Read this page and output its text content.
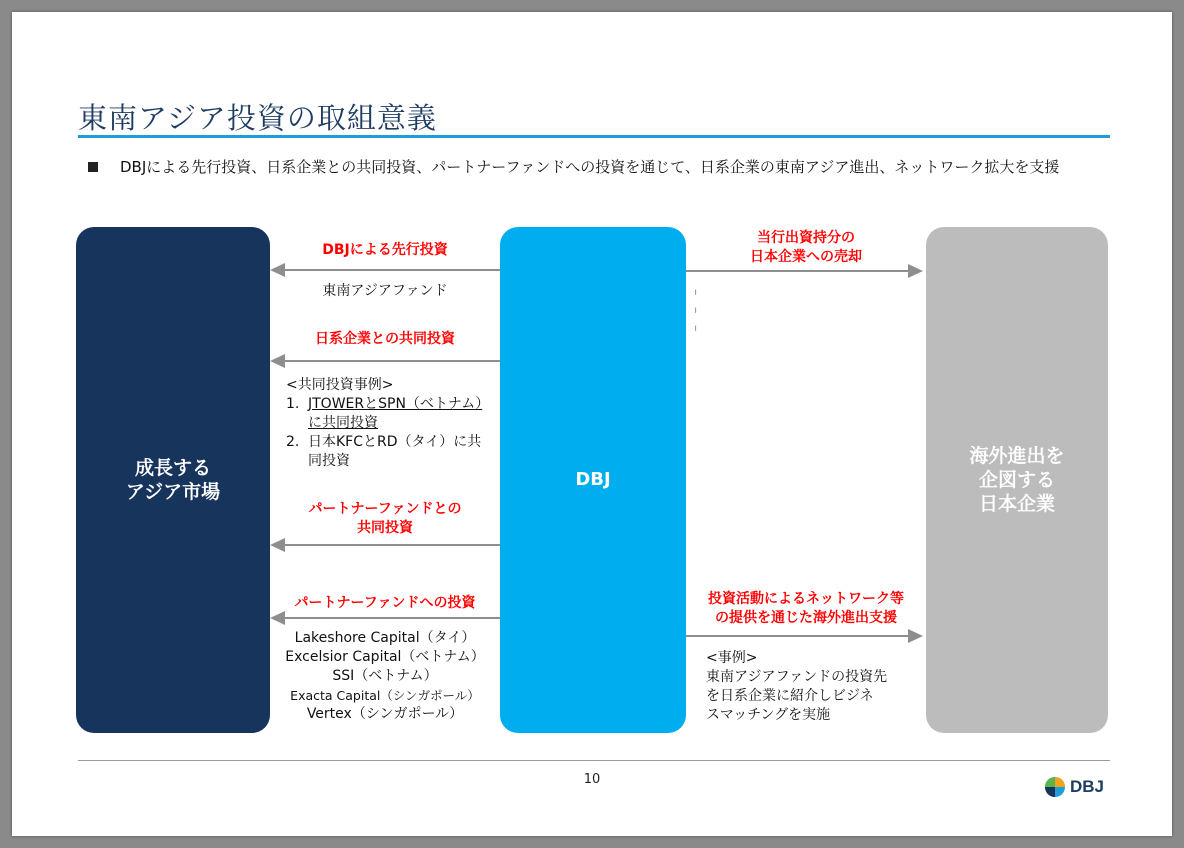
東南アジア投資の取組意義
DBJによる先行投資、日系企業との共同投資、パートナーファンドへの投資を通じて、日系企業の東南アジア進出、ネットワーク拡大を支援
成長する
アジア市場
DBJ
海外進出を
企図する
日本企業
DBJによる先行投資
東南アジアファンド
日系企業との共同投資
<共同投資事例>
1. JTOWERとSPN（ベトナム）に共同投資
2. 日本KFCとRD（タイ）に共同投資
パートナーファンドとの
共同投資
パートナーファンドへの投資
Lakeshore Capital（タイ）
Excelsior Capital（ベトナム）
SSI（ベトナム）
Exacta Capital（シンガポール）
Vertex（シンガポール）
当行出資持分の
日本企業への売却
╵
╵
╵
投資活動によるネットワーク等
の提供を通じた海外進出支援
<事例>
東南アジアファンドの投資先
を日系企業に紹介しビジネ
スマッチングを実施
10	DBJ
